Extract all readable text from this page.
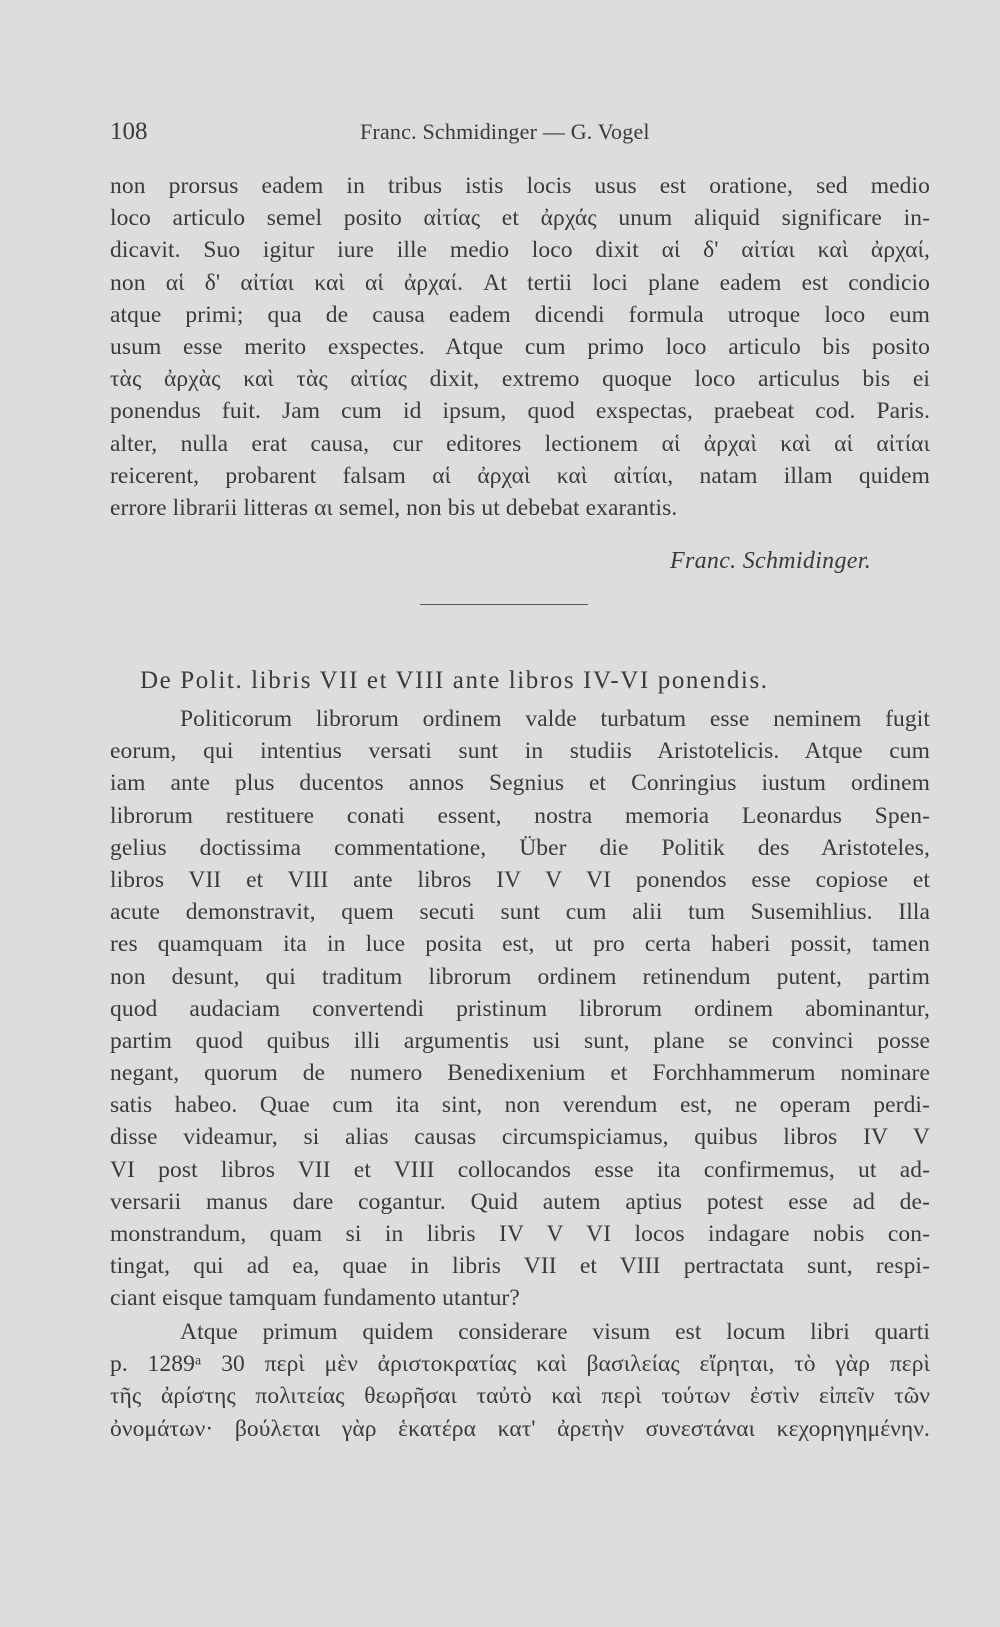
108	Franc. Schmidinger — G. Vogel
non prorsus eadem in tribus istis locis usus est oratione, sed medio
loco articulo semel posito αἰτίας et ἀρχάς unum aliquid significare in-
dicavit. Suo igitur iure ille medio loco dixit αἱ δ' αἰτίαι καὶ ἀρχαί,
non αἱ δ' αἰτίαι καὶ αἱ ἀρχαί. At tertii loci plane eadem est condicio
atque primi; qua de causa eadem dicendi formula utroque loco eum
usum esse merito exspectes. Atque cum primo loco articulo bis posito
τὰς ἀρχὰς καὶ τὰς αἰτίας dixit, extremo quoque loco articulus bis ei
ponendus fuit. Jam cum id ipsum, quod exspectas, praebeat cod. Paris.
alter, nulla erat causa, cur editores lectionem αἱ ἀρχαὶ καὶ αἱ αἰτίαι
reicerent, probarent falsam αἱ ἀρχαὶ καὶ αἰτίαι, natam illam quidem
errore librarii litteras αι semel, non bis ut debebat exarantis.
Franc. Schmidinger.
De Polit. libris VII et VIII ante libros IV-VI ponendis.
Politicorum librorum ordinem valde turbatum esse neminem fugit
eorum, qui intentius versati sunt in studiis Aristotelicis. Atque cum
iam ante plus ducentos annos Segnius et Conringius iustum ordinem
librorum restituere conati essent, nostra memoria Leonardus Spen-
gelius doctissima commentatione, Über die Politik des Aristoteles,
libros VII et VIII ante libros IV V VI ponendos esse copiose et
acute demonstravit, quem secuti sunt cum alii tum Susemihlius. Illa
res quamquam ita in luce posita est, ut pro certa haberi possit, tamen
non desunt, qui traditum librorum ordinem retinendum putent, partim
quod audaciam convertendi pristinum librorum ordinem abominantur,
partim quod quibus illi argumentis usi sunt, plane se convinci posse
negant, quorum de numero Benedixenium et Forchhammerum nominare
satis habeo. Quae cum ita sint, non verendum est, ne operam perdi-
disse videamur, si alias causas circumspiciamus, quibus libros IV V
VI post libros VII et VIII collocandos esse ita confirmemus, ut ad-
versarii manus dare cogantur. Quid autem aptius potest esse ad de-
monstrandum, quam si in libris IV V VI locos indagare nobis con-
tingat, qui ad ea, quae in libris VII et VIII pertractata sunt, respi-
ciant eisque tamquam fundamento utantur?
Atque primum quidem considerare visum est locum libri quarti
p. 1289ᵃ 30 περὶ μὲν ἀριστοκρατίας καὶ βασιλείας εἴρηται, τὸ γὰρ περὶ
τῆς ἀρίστης πολιτείας θεωρῆσαι ταὐτὸ καὶ περὶ τούτων ἐστὶν εἰπεῖν τῶν
ὀνομάτων· βούλεται γὰρ ἑκατέρα κατ' ἀρετὴν συνεστάναι κεχορηγημένην.
